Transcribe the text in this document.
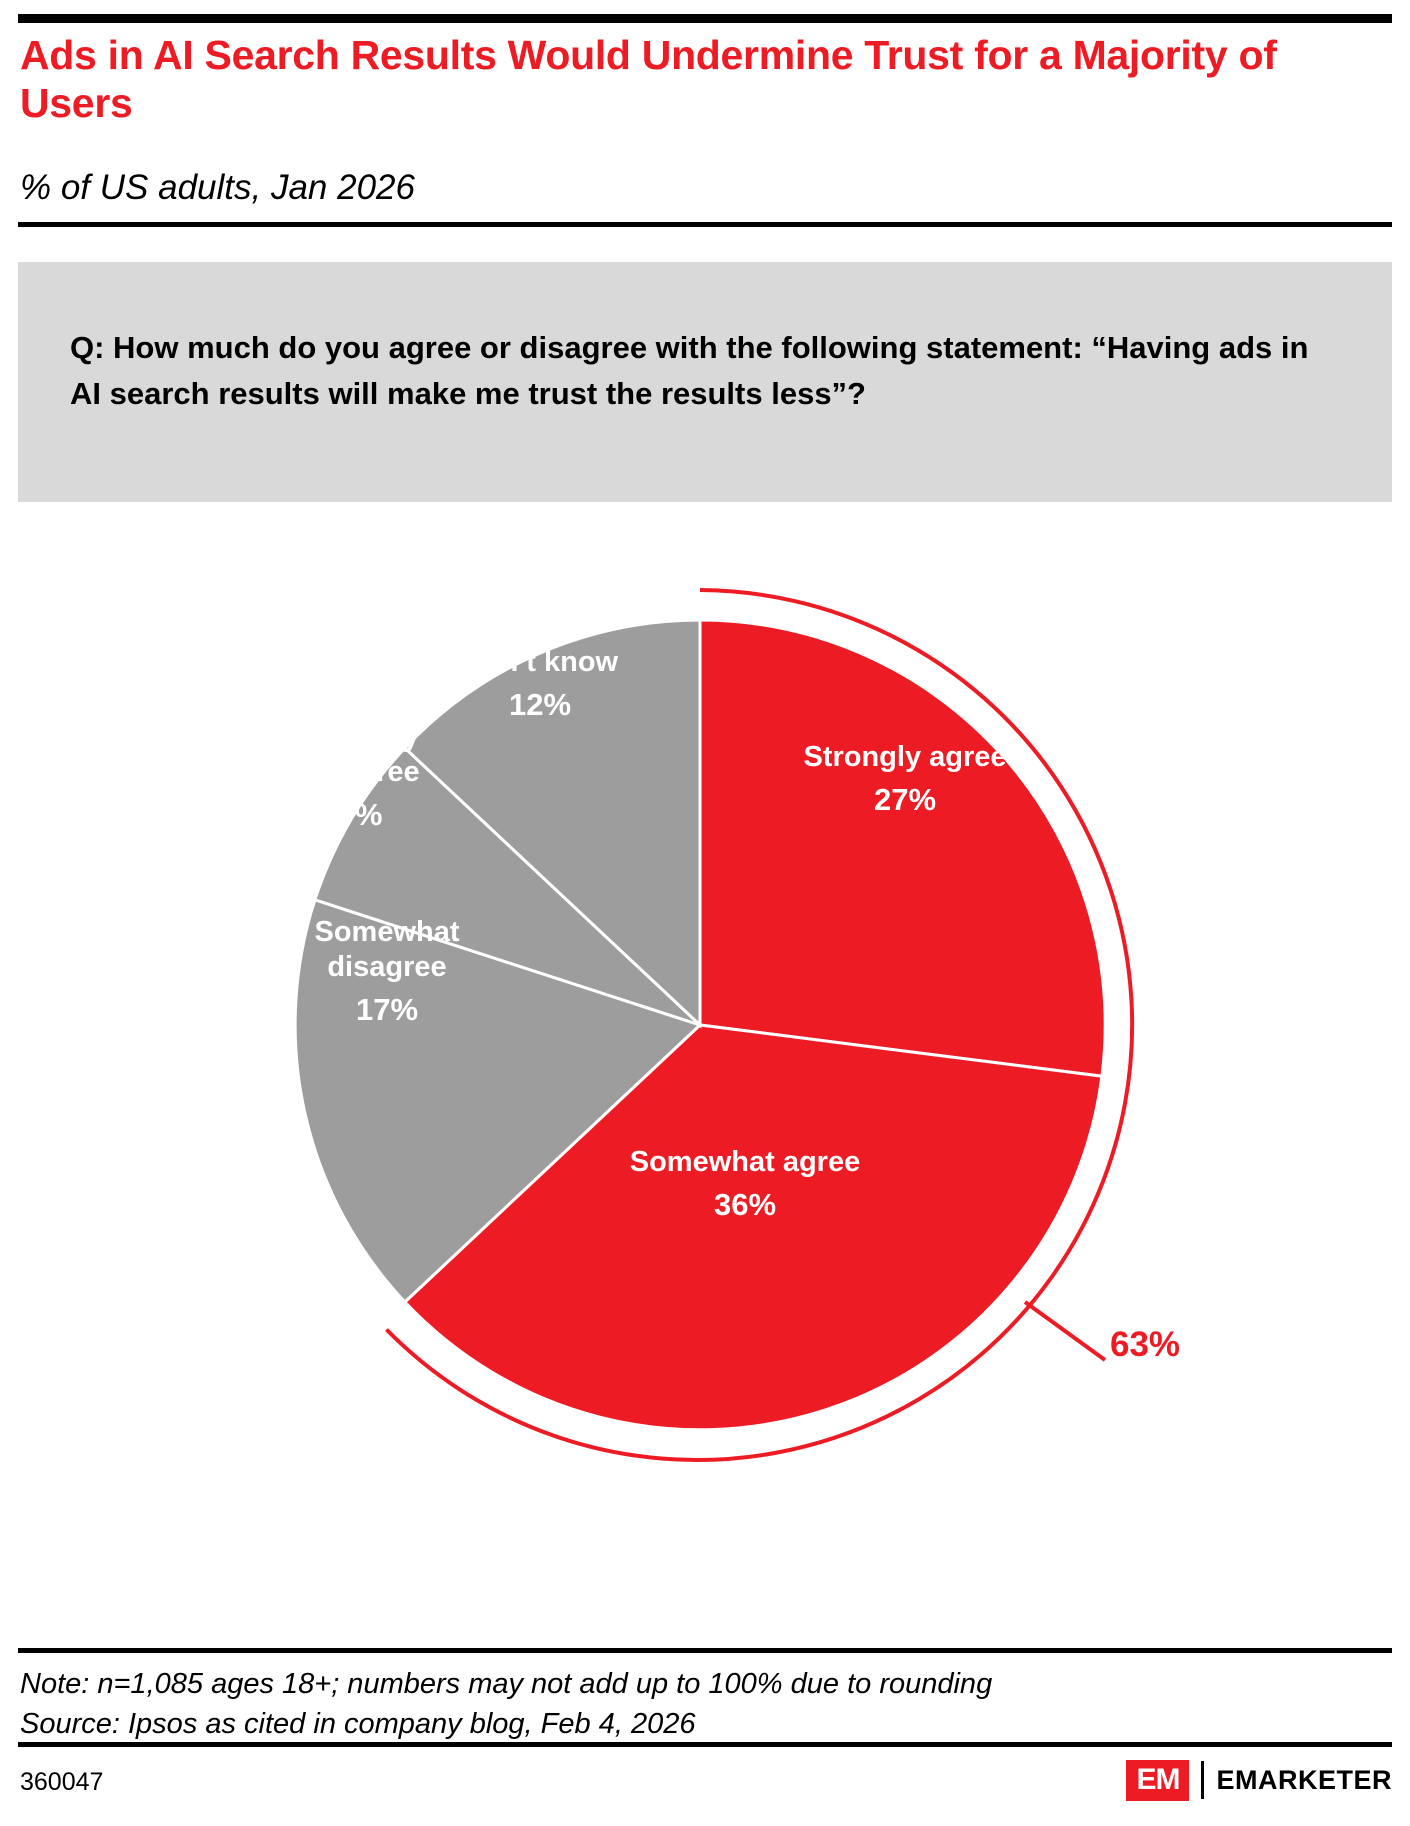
Ads in AI Search Results Would Undermine Trust for a Majority of Users
% of US adults, Jan 2026
Q: How much do you agree or disagree with the following statement: “Having ads in AI search results will make me trust the results less”?
Strongly agree
27%
Somewhat agree
36%
Somewhat disagree
17%
Strongly disagree
7%
Don’t know
12%
63%
Note: n=1,085 ages 18+; numbers may not add up to 100% due to rounding
Source: Ipsos as cited in company blog, Feb 4, 2026
360047	EM	EMARKETER
